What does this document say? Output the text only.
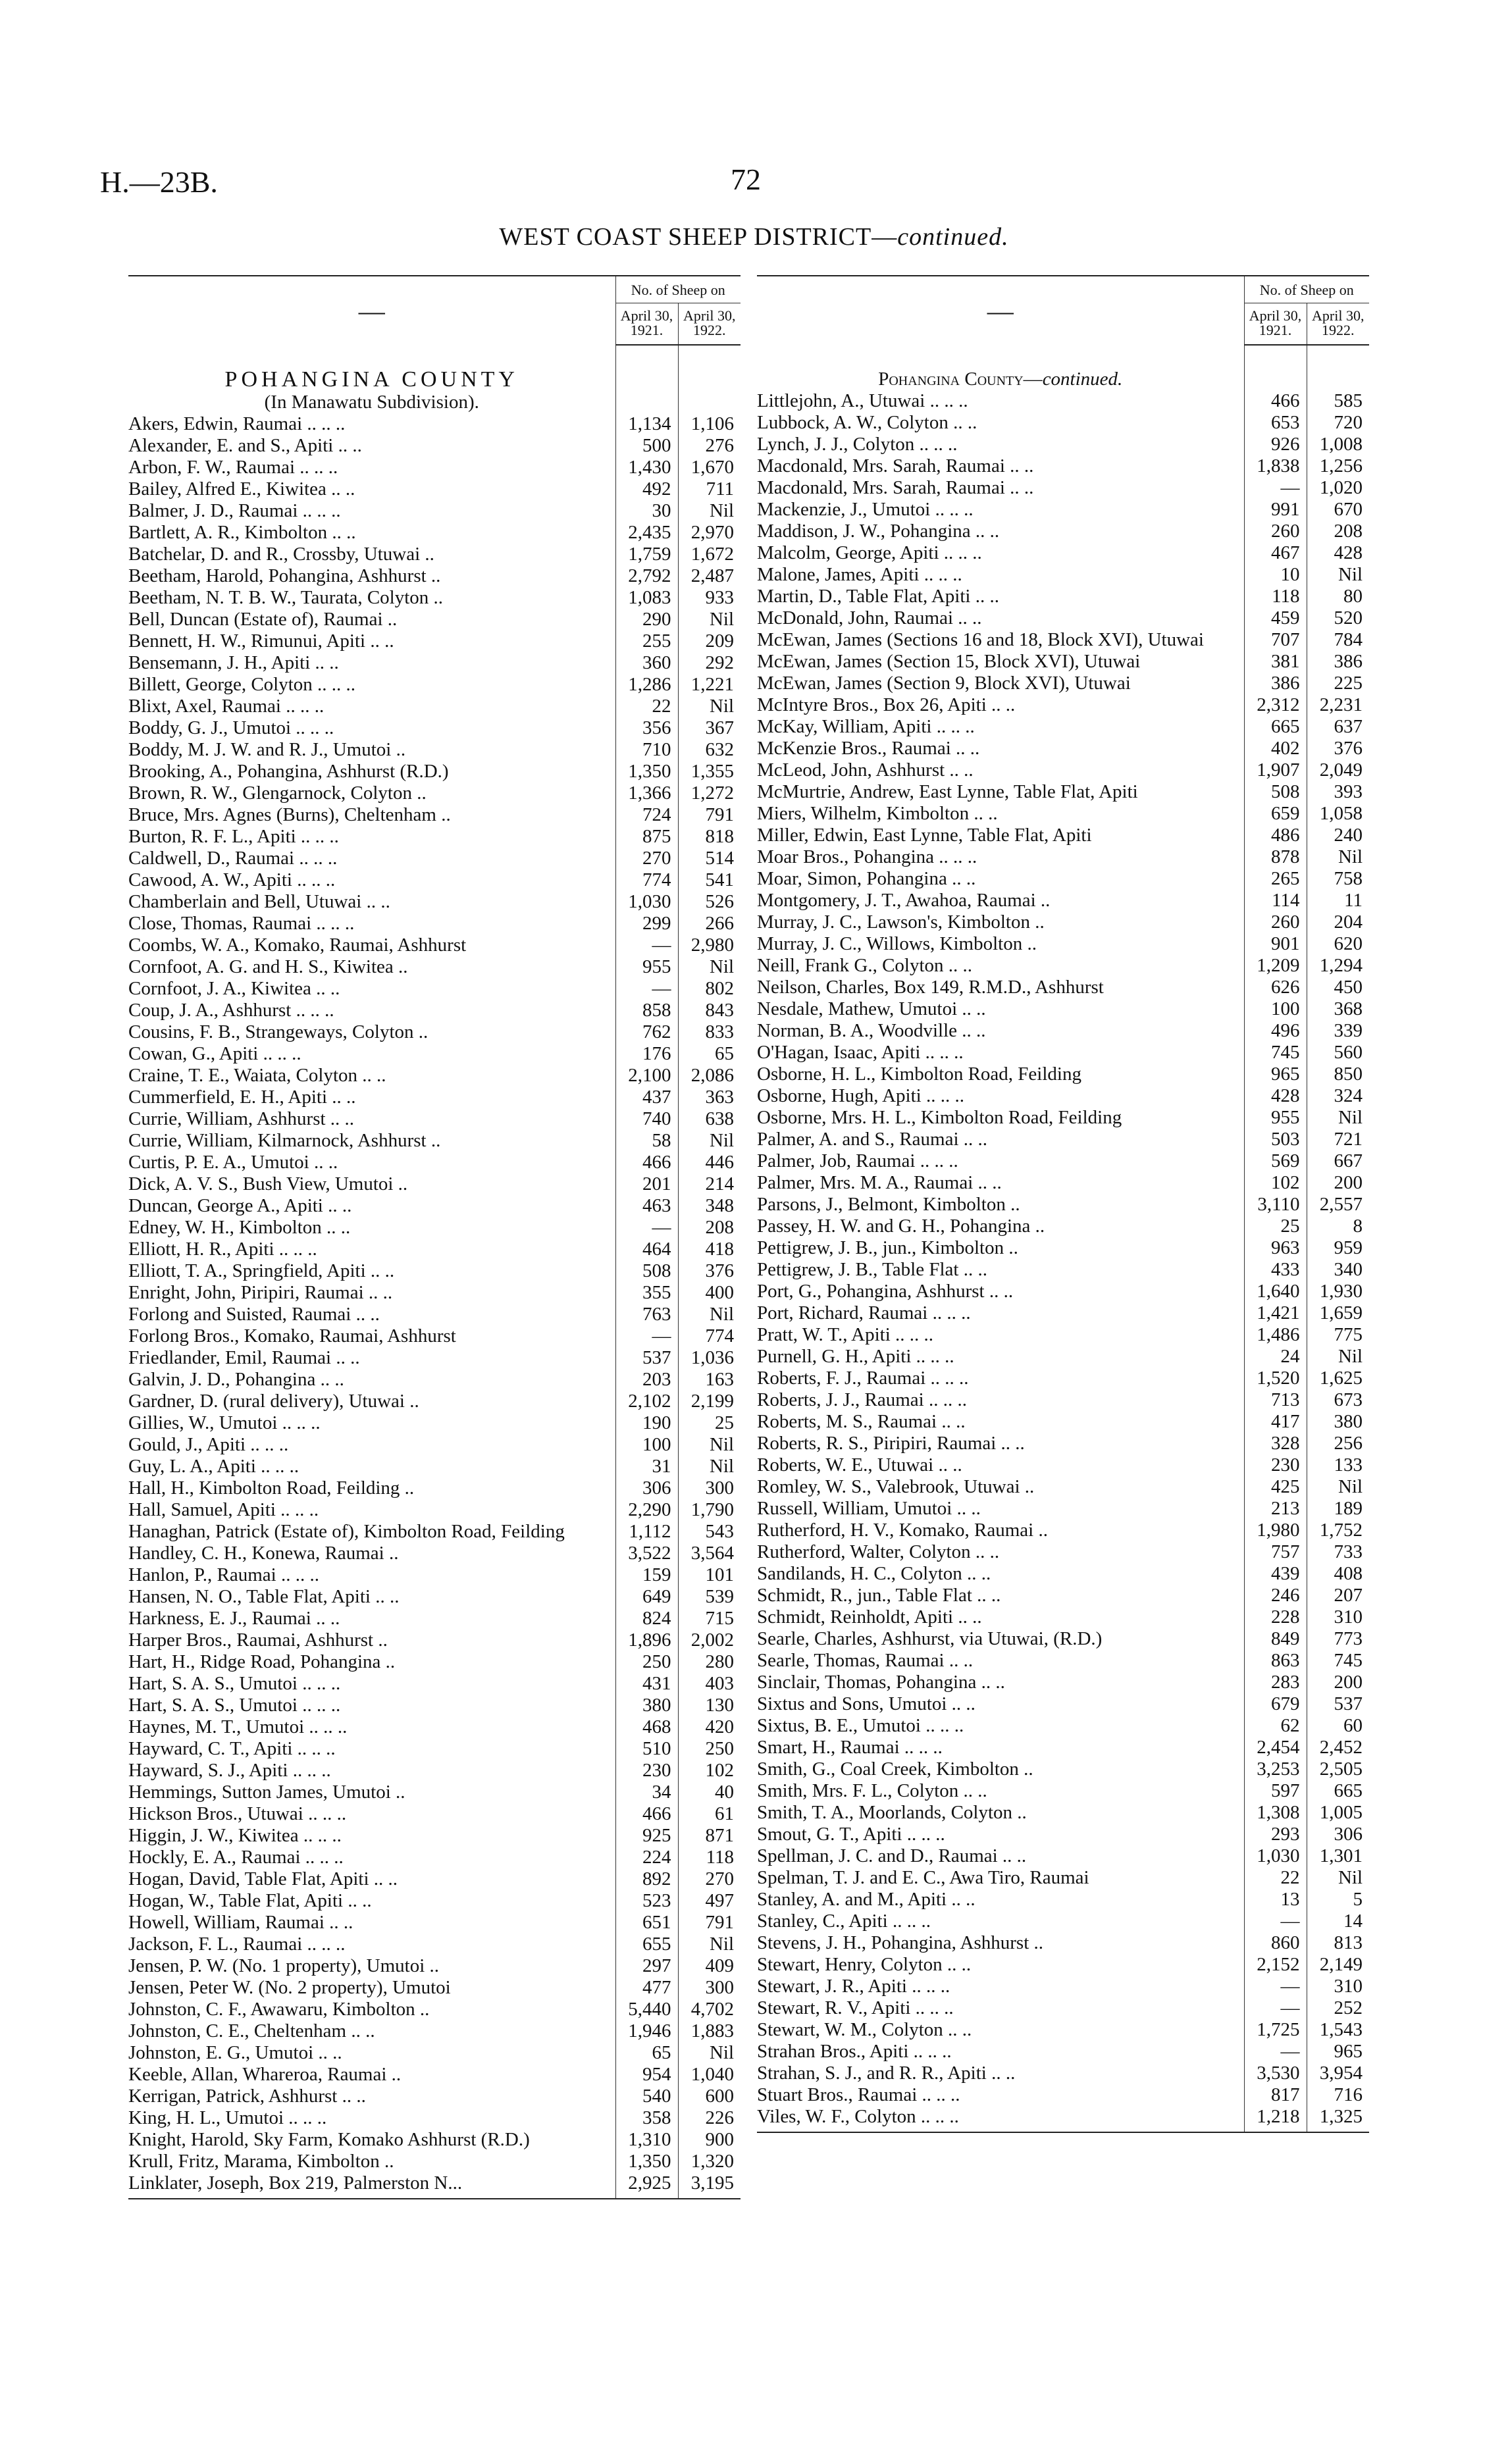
H.—23B.	72
WEST COAST SHEEP DISTRICT—continued.
—	No. of Sheep on	
	April 30, 1921.	April 30, 1922.

POHANGINA COUNTY		
(In Manawatu Subdivision).		
Akers, Edwin, Raumai .. .. ..	1,134	1,106
Alexander, E. and S., Apiti .. ..	500	276
Arbon, F. W., Raumai .. .. ..	1,430	1,670
Bailey, Alfred E., Kiwitea .. ..	492	711
Balmer, J. D., Raumai .. .. ..	30	Nil
Bartlett, A. R., Kimbolton .. ..	2,435	2,970
Batchelar, D. and R., Crossby, Utuwai ..	1,759	1,672
Beetham, Harold, Pohangina, Ashhurst ..	2,792	2,487
Beetham, N. T. B. W., Taurata, Colyton ..	1,083	933
Bell, Duncan (Estate of), Raumai ..	290	Nil
Bennett, H. W., Rimunui, Apiti .. ..	255	209
Bensemann, J. H., Apiti .. ..	360	292
Billett, George, Colyton .. .. ..	1,286	1,221
Blixt, Axel, Raumai .. .. ..	22	Nil
Boddy, G. J., Umutoi .. .. ..	356	367
Boddy, M. J. W. and R. J., Umutoi ..	710	632
Brooking, A., Pohangina, Ashhurst (R.D.)	1,350	1,355
Brown, R. W., Glengarnock, Colyton ..	1,366	1,272
Bruce, Mrs. Agnes (Burns), Cheltenham ..	724	791
Burton, R. F. L., Apiti .. .. ..	875	818
Caldwell, D., Raumai .. .. ..	270	514
Cawood, A. W., Apiti .. .. ..	774	541
Chamberlain and Bell, Utuwai .. ..	1,030	526
Close, Thomas, Raumai .. .. ..	299	266
Coombs, W. A., Komako, Raumai, Ashhurst	—	2,980
Cornfoot, A. G. and H. S., Kiwitea ..	955	Nil
Cornfoot, J. A., Kiwitea .. ..	—	802
Coup, J. A., Ashhurst .. .. ..	858	843
Cousins, F. B., Strangeways, Colyton ..	762	833
Cowan, G., Apiti .. .. ..	176	65
Craine, T. E., Waiata, Colyton .. ..	2,100	2,086
Cummerfield, E. H., Apiti .. ..	437	363
Currie, William, Ashhurst .. ..	740	638
Currie, William, Kilmarnock, Ashhurst ..	58	Nil
Curtis, P. E. A., Umutoi .. ..	466	446
Dick, A. V. S., Bush View, Umutoi ..	201	214
Duncan, George A., Apiti .. ..	463	348
Edney, W. H., Kimbolton .. ..	—	208
Elliott, H. R., Apiti .. .. ..	464	418
Elliott, T. A., Springfield, Apiti .. ..	508	376
Enright, John, Piripiri, Raumai .. ..	355	400
Forlong and Suisted, Raumai .. ..	763	Nil
Forlong Bros., Komako, Raumai, Ashhurst	—	774
Friedlander, Emil, Raumai .. ..	537	1,036
Galvin, J. D., Pohangina .. ..	203	163
Gardner, D. (rural delivery), Utuwai ..	2,102	2,199
Gillies, W., Umutoi .. .. ..	190	25
Gould, J., Apiti .. .. ..	100	Nil
Guy, L. A., Apiti .. .. ..	31	Nil
Hall, H., Kimbolton Road, Feilding ..	306	300
Hall, Samuel, Apiti .. .. ..	2,290	1,790
Hanaghan, Patrick (Estate of), Kimbolton Road, Feilding	1,112	543
Handley, C. H., Konewa, Raumai ..	3,522	3,564
Hanlon, P., Raumai .. .. ..	159	101
Hansen, N. O., Table Flat, Apiti .. ..	649	539
Harkness, E. J., Raumai .. ..	824	715
Harper Bros., Raumai, Ashhurst ..	1,896	2,002
Hart, H., Ridge Road, Pohangina ..	250	280
Hart, S. A. S., Umutoi .. .. ..	431	403
Hart, S. A. S., Umutoi .. .. ..	380	130
Haynes, M. T., Umutoi .. .. ..	468	420
Hayward, C. T., Apiti .. .. ..	510	250
Hayward, S. J., Apiti .. .. ..	230	102
Hemmings, Sutton James, Umutoi ..	34	40
Hickson Bros., Utuwai .. .. ..	466	61
Higgin, J. W., Kiwitea .. .. ..	925	871
Hockly, E. A., Raumai .. .. ..	224	118
Hogan, David, Table Flat, Apiti .. ..	892	270
Hogan, W., Table Flat, Apiti .. ..	523	497
Howell, William, Raumai .. ..	651	791
Jackson, F. L., Raumai .. .. ..	655	Nil
Jensen, P. W. (No. 1 property), Umutoi ..	297	409
Jensen, Peter W. (No. 2 property), Umutoi	477	300
Johnston, C. F., Awawaru, Kimbolton ..	5,440	4,702
Johnston, C. E., Cheltenham .. ..	1,946	1,883
Johnston, E. G., Umutoi .. ..	65	Nil
Keeble, Allan, Whareroa, Raumai ..	954	1,040
Kerrigan, Patrick, Ashhurst .. ..	540	600
King, H. L., Umutoi .. .. ..	358	226
Knight, Harold, Sky Farm, Komako Ashhurst (R.D.)	1,310	900
Krull, Fritz, Marama, Kimbolton ..	1,350	1,320
Linklater, Joseph, Box 219, Palmerston N...	2,925	3,195
—	No. of Sheep on	
	April 30, 1921.	April 30, 1922.

Pohangina County—continued.		
Littlejohn, A., Utuwai .. .. ..	466	585
Lubbock, A. W., Colyton .. ..	653	720
Lynch, J. J., Colyton .. .. ..	926	1,008
Macdonald, Mrs. Sarah, Raumai .. ..	1,838	1,256
Macdonald, Mrs. Sarah, Raumai .. ..	—	1,020
Mackenzie, J., Umutoi .. .. ..	991	670
Maddison, J. W., Pohangina .. ..	260	208
Malcolm, George, Apiti .. .. ..	467	428
Malone, James, Apiti .. .. ..	10	Nil
Martin, D., Table Flat, Apiti .. ..	118	80
McDonald, John, Raumai .. ..	459	520
McEwan, James (Sections 16 and 18, Block XVI), Utuwai	707	784
McEwan, James (Section 15, Block XVI), Utuwai	381	386
McEwan, James (Section 9, Block XVI), Utuwai	386	225
McIntyre Bros., Box 26, Apiti .. ..	2,312	2,231
McKay, William, Apiti .. .. ..	665	637
McKenzie Bros., Raumai .. ..	402	376
McLeod, John, Ashhurst .. ..	1,907	2,049
McMurtrie, Andrew, East Lynne, Table Flat, Apiti	508	393
Miers, Wilhelm, Kimbolton .. ..	659	1,058
Miller, Edwin, East Lynne, Table Flat, Apiti	486	240
Moar Bros., Pohangina .. .. ..	878	Nil
Moar, Simon, Pohangina .. ..	265	758
Montgomery, J. T., Awahoa, Raumai ..	114	11
Murray, J. C., Lawson's, Kimbolton ..	260	204
Murray, J. C., Willows, Kimbolton ..	901	620
Neill, Frank G., Colyton .. ..	1,209	1,294
Neilson, Charles, Box 149, R.M.D., Ashhurst	626	450
Nesdale, Mathew, Umutoi .. ..	100	368
Norman, B. A., Woodville .. ..	496	339
O'Hagan, Isaac, Apiti .. .. ..	745	560
Osborne, H. L., Kimbolton Road, Feilding	965	850
Osborne, Hugh, Apiti .. .. ..	428	324
Osborne, Mrs. H. L., Kimbolton Road, Feilding	955	Nil
Palmer, A. and S., Raumai .. ..	503	721
Palmer, Job, Raumai .. .. ..	569	667
Palmer, Mrs. M. A., Raumai .. ..	102	200
Parsons, J., Belmont, Kimbolton ..	3,110	2,557
Passey, H. W. and G. H., Pohangina ..	25	8
Pettigrew, J. B., jun., Kimbolton ..	963	959
Pettigrew, J. B., Table Flat .. ..	433	340
Port, G., Pohangina, Ashhurst .. ..	1,640	1,930
Port, Richard, Raumai .. .. ..	1,421	1,659
Pratt, W. T., Apiti .. .. ..	1,486	775
Purnell, G. H., Apiti .. .. ..	24	Nil
Roberts, F. J., Raumai .. .. ..	1,520	1,625
Roberts, J. J., Raumai .. .. ..	713	673
Roberts, M. S., Raumai .. ..	417	380
Roberts, R. S., Piripiri, Raumai .. ..	328	256
Roberts, W. E., Utuwai .. ..	230	133
Romley, W. S., Valebrook, Utuwai ..	425	Nil
Russell, William, Umutoi .. ..	213	189
Rutherford, H. V., Komako, Raumai ..	1,980	1,752
Rutherford, Walter, Colyton .. ..	757	733
Sandilands, H. C., Colyton .. ..	439	408
Schmidt, R., jun., Table Flat .. ..	246	207
Schmidt, Reinholdt, Apiti .. ..	228	310
Searle, Charles, Ashhurst, via Utuwai, (R.D.)	849	773
Searle, Thomas, Raumai .. ..	863	745
Sinclair, Thomas, Pohangina .. ..	283	200
Sixtus and Sons, Umutoi .. ..	679	537
Sixtus, B. E., Umutoi .. .. ..	62	60
Smart, H., Raumai .. .. ..	2,454	2,452
Smith, G., Coal Creek, Kimbolton ..	3,253	2,505
Smith, Mrs. F. L., Colyton .. ..	597	665
Smith, T. A., Moorlands, Colyton ..	1,308	1,005
Smout, G. T., Apiti .. .. ..	293	306
Spellman, J. C. and D., Raumai .. ..	1,030	1,301
Spelman, T. J. and E. C., Awa Tiro, Raumai	22	Nil
Stanley, A. and M., Apiti .. ..	13	5
Stanley, C., Apiti .. .. ..	—	14
Stevens, J. H., Pohangina, Ashhurst ..	860	813
Stewart, Henry, Colyton .. ..	2,152	2,149
Stewart, J. R., Apiti .. .. ..	—	310
Stewart, R. V., Apiti .. .. ..	—	252
Stewart, W. M., Colyton .. ..	1,725	1,543
Strahan Bros., Apiti .. .. ..	—	965
Strahan, S. J., and R. R., Apiti .. ..	3,530	3,954
Stuart Bros., Raumai .. .. ..	817	716
Viles, W. F., Colyton .. .. ..	1,218	1,325
